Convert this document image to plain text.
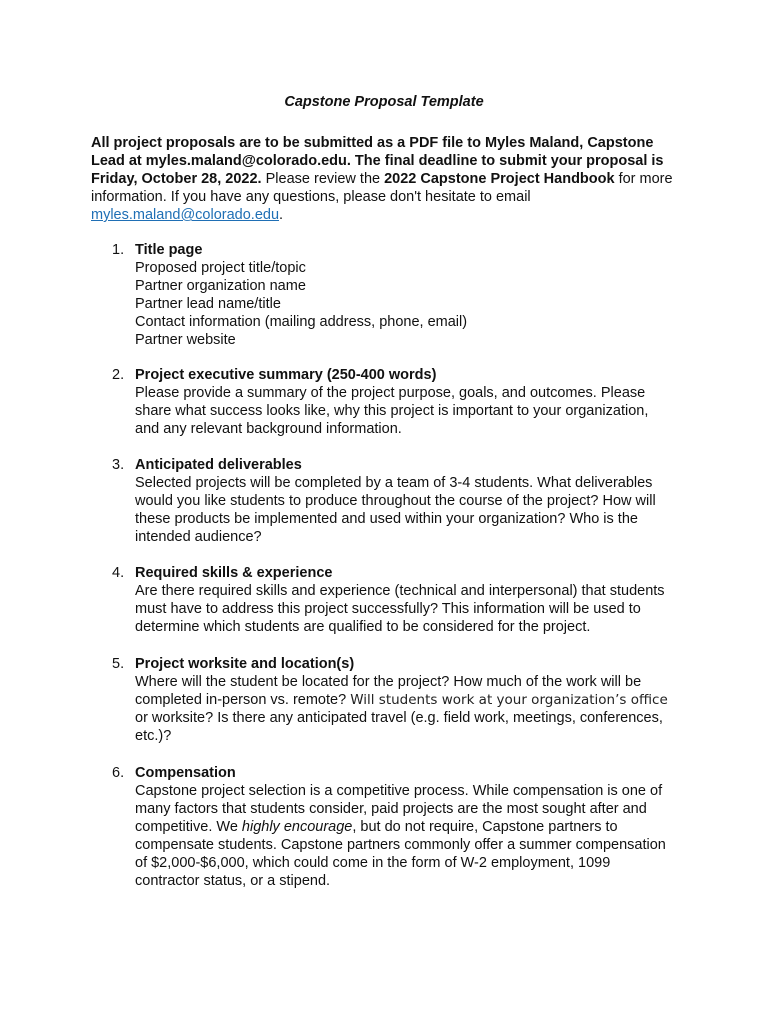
Capstone Proposal Template
All project proposals are to be submitted as a PDF file to Myles Maland, Capstone Lead at myles.maland@colorado.edu. The final deadline to submit your proposal is Friday, October 28, 2022. Please review the 2022 Capstone Project Handbook for more information. If you have any questions, please don't hesitate to email myles.maland@colorado.edu.
1. Title page
Proposed project title/topic
Partner organization name
Partner lead name/title
Contact information (mailing address, phone, email)
Partner website
2. Project executive summary (250-400 words)
Please provide a summary of the project purpose, goals, and outcomes. Please share what success looks like, why this project is important to your organization, and any relevant background information.
3. Anticipated deliverables
Selected projects will be completed by a team of 3-4 students. What deliverables would you like students to produce throughout the course of the project? How will these products be implemented and used within your organization? Who is the intended audience?
4. Required skills & experience
Are there required skills and experience (technical and interpersonal) that students must have to address this project successfully? This information will be used to determine which students are qualified to be considered for the project.
5. Project worksite and location(s)
Where will the student be located for the project? How much of the work will be completed in-person vs. remote? Will students work at your organization’s office or worksite? Is there any anticipated travel (e.g. field work, meetings, conferences, etc.)?
6. Compensation
Capstone project selection is a competitive process. While compensation is one of many factors that students consider, paid projects are the most sought after and competitive. We highly encourage, but do not require, Capstone partners to compensate students. Capstone partners commonly offer a summer compensation of $2,000-$6,000, which could come in the form of W-2 employment, 1099 contractor status, or a stipend.
